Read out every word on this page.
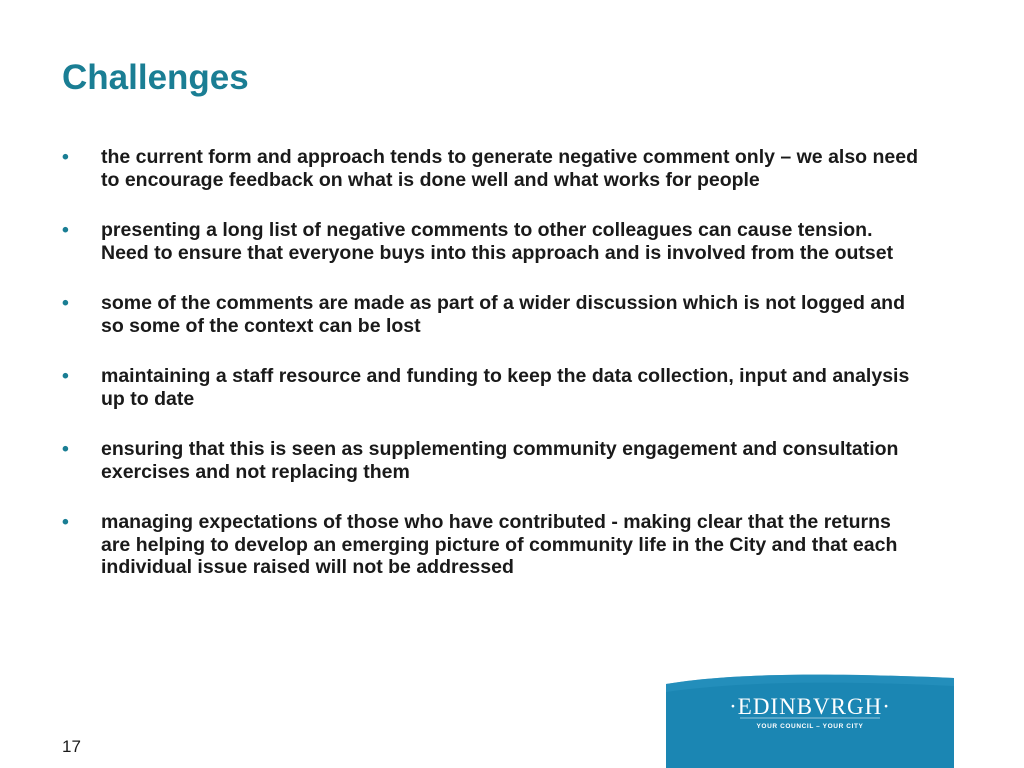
Challenges
• the current form and approach tends to generate negative comment only – we also need to encourage feedback on what is done well and what works for people
• presenting a long list of negative comments to other colleagues can cause tension. Need to ensure that everyone buys into this approach and is involved from the outset
• some of the comments are made as part of a wider discussion which is not logged and so some of the context can be lost
• maintaining a staff resource and funding to keep the data collection, input and analysis up to date
• ensuring that this is seen as supplementing community engagement and consultation exercises and not replacing them
• managing expectations of those who have contributed - making clear that the returns are helping to develop an emerging picture of community life in the City and that each individual issue raised will not be addressed
17
·EDINBVRGH·
YOUR COUNCIL – YOUR CITY
